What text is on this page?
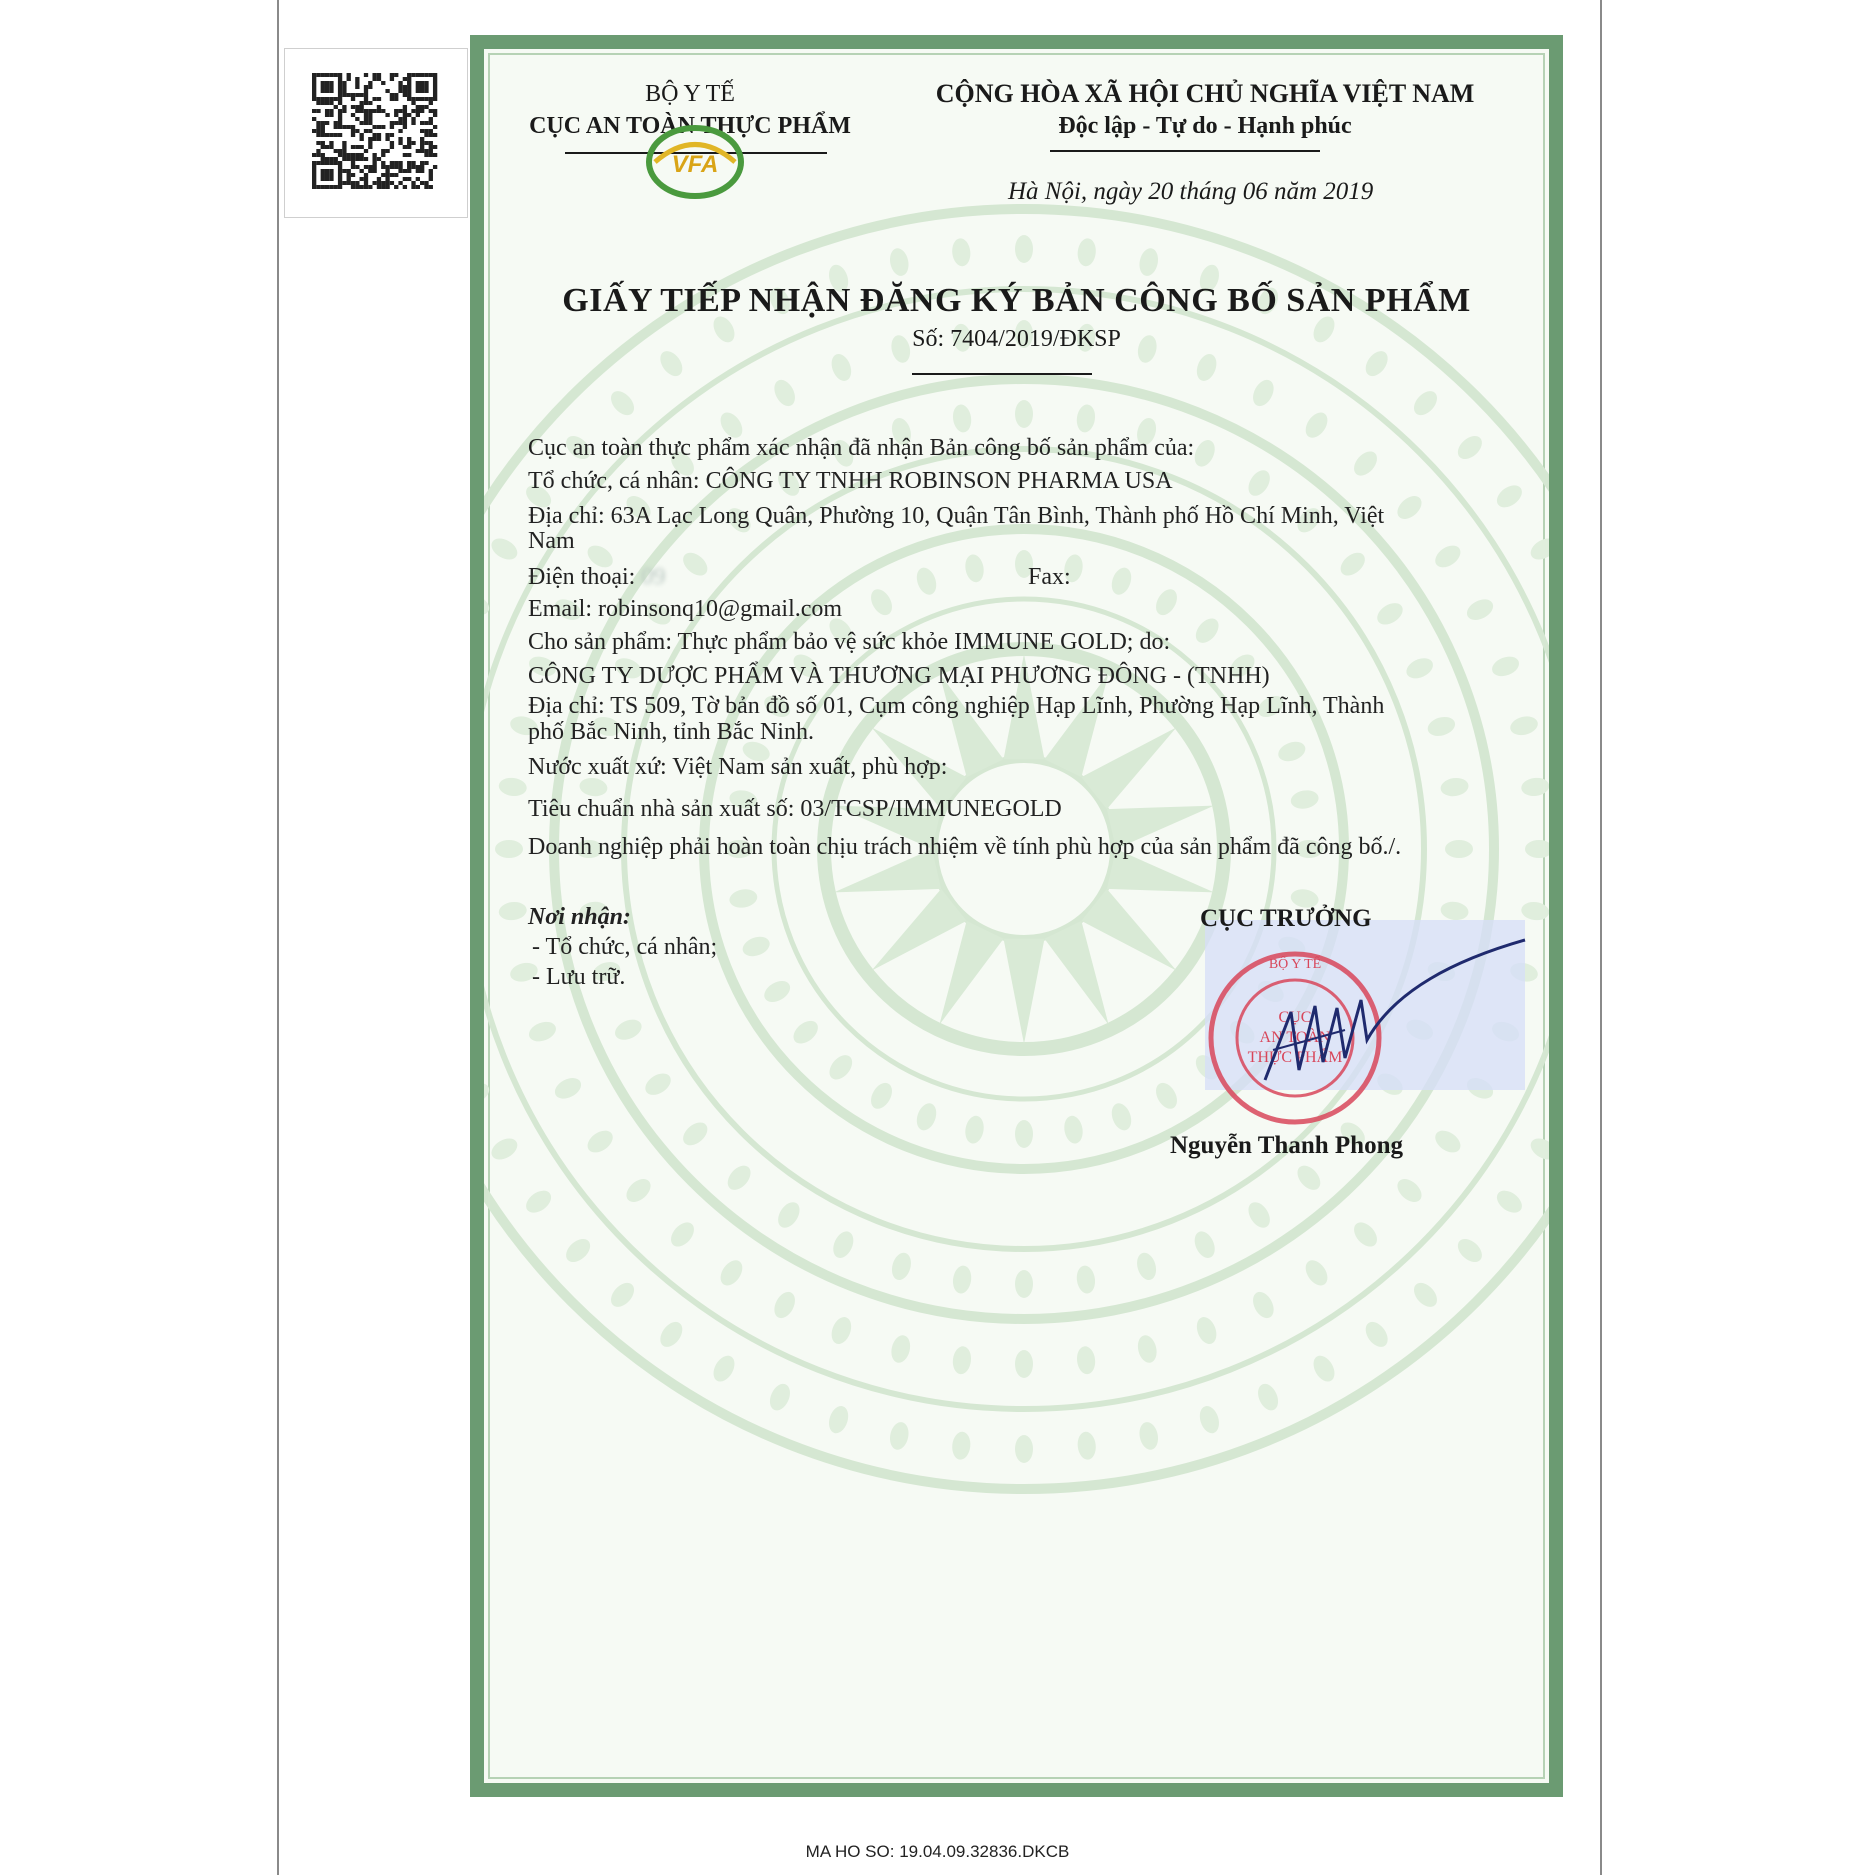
BỘ Y TẾ
CỤC AN TOÀN THỰC PHẨM
VFA
CỘNG HÒA XÃ HỘI CHỦ NGHĨA VIỆT NAM
Độc lập - Tự do - Hạnh phúc
Hà Nội, ngày 20 tháng 06 năm 2019
GIẤY TIẾP NHẬN ĐĂNG KÝ BẢN CÔNG BỐ SẢN PHẨM
Số: 7404/2019/ĐKSP
Cục an toàn thực phẩm xác nhận đã nhận Bản công bố sản phẩm của:
Tổ chức, cá nhân: CÔNG TY TNHH ROBINSON PHARMA USA
Địa chỉ: 63A Lạc Long Quân, Phường 10, Quận Tân Bình, Thành phố Hồ Chí Minh, Việt
Nam
Điện thoại: 09	Fax:
Email: robinsonq10@gmail.com
Cho sản phẩm: Thực phẩm bảo vệ sức khỏe IMMUNE GOLD; do:
CÔNG TY DƯỢC PHẨM VÀ THƯƠNG MẠI PHƯƠNG ĐÔNG - (TNHH)
Địa chỉ: TS 509, Tờ bản đồ số 01, Cụm công nghiệp Hạp Lĩnh, Phường Hạp Lĩnh, Thành
phố Bắc Ninh, tỉnh Bắc Ninh.
Nước xuất xứ: Việt Nam sản xuất, phù hợp:
Tiêu chuẩn nhà sản xuất số: 03/TCSP/IMMUNEGOLD
Doanh nghiệp phải hoàn toàn chịu trách nhiệm về tính phù hợp của sản phẩm đã công bố./.
Nơi nhận:
- Tổ chức, cá nhân;
- Lưu trữ.
CỤC TRƯỞNG
BỘ Y TẾ
CỤC
AN TOÀN
THỰC PHẨM
Nguyễn Thanh Phong
MA HO SO: 19.04.09.32836.DKCB
